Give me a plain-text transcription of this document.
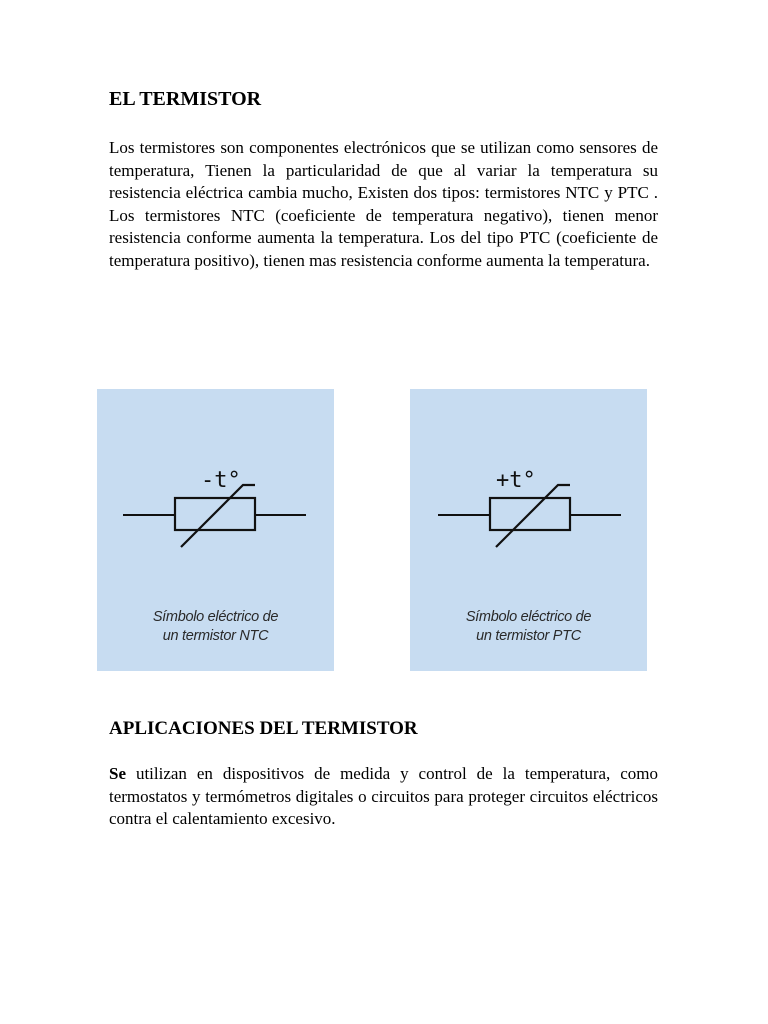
EL TERMISTOR

Los termistores son componentes electrónicos que se utilizan como sensores de temperatura, Tienen la particularidad de que al variar la temperatura su resistencia eléctrica cambia mucho, Existen dos tipos: termistores NTC y PTC . Los termistores NTC (coeficiente de temperatura negativo), tienen menor resistencia conforme aumenta la temperatura. Los del tipo PTC (coeficiente de temperatura positivo), tienen mas resistencia conforme aumenta la temperatura.

-t°
Símbolo eléctrico de
un termistor NTC
+t°
Símbolo eléctrico de
un termistor PTC
APLICACIONES DEL TERMISTOR

Se utilizan en dispositivos de medida y control de la temperatura, como termostatos y termómetros digitales o circuitos para proteger circuitos eléctricos contra el calentamiento excesivo.
